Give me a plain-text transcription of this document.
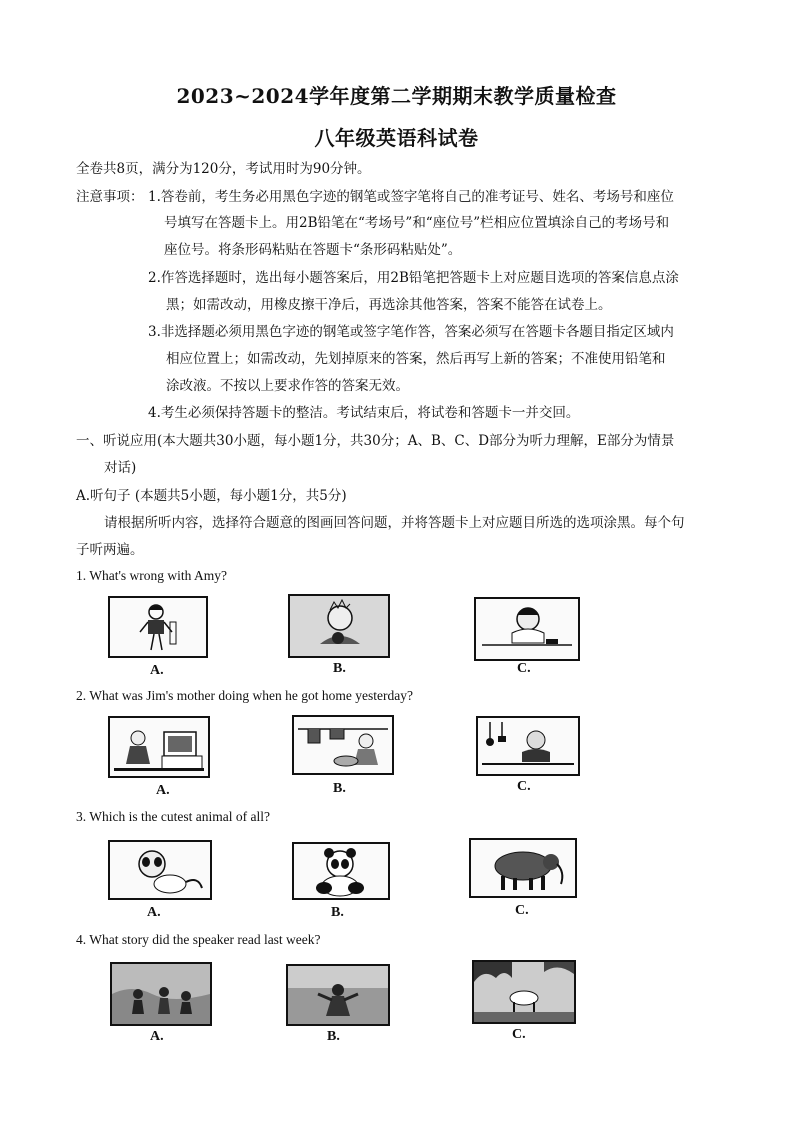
2023~2024学年度第二学期期末教学质量检查
八年级英语科试卷
全卷共8页，满分为120分，考试用时为90分钟。
注意事项： 1.答卷前，考生务必用黑色字迹的钢笔或签字笔将自己的准考证号、姓名、考场号和座位
号填写在答题卡上。用2B铅笔在“考场号”和“座位号”栏相应位置填涂自己的考场号和
座位号。将条形码粘贴在答题卡“条形码粘贴处”。
2.作答选择题时，选出每小题答案后，用2B铅笔把答题卡上对应题目选项的答案信息点涂
黑；如需改动，用橡皮擦干净后，再选涂其他答案，答案不能答在试卷上。
3.非选择题必须用黑色字迹的钢笔或签字笔作答，答案必须写在答题卡各题目指定区域内
相应位置上；如需改动，先划掉原来的答案，然后再写上新的答案；不准使用铅笔和
涂改液。不按以上要求作答的答案无效。
4.考生必须保持答题卡的整洁。考试结束后，将试卷和答题卡一并交回。
一、听说应用(本大题共30小题，每小题1分，共30分；A、B、C、D部分为听力理解，E部分为情景
对话)
A.听句子 (本题共5小题，每小题1分，共5分)
请根据所听内容，选择符合题意的图画回答问题，并将答题卡上对应题目所选的选项涂黑。每个句
子听两遍。
1. What's wrong with Amy?
A.	B.	C.
2. What was Jim's mother doing when he got home yesterday?
A.	B.	C.
3. Which is the cutest animal of all?
A.	B.	C.
4. What story did the speaker read last week?
A.	B.	C.
